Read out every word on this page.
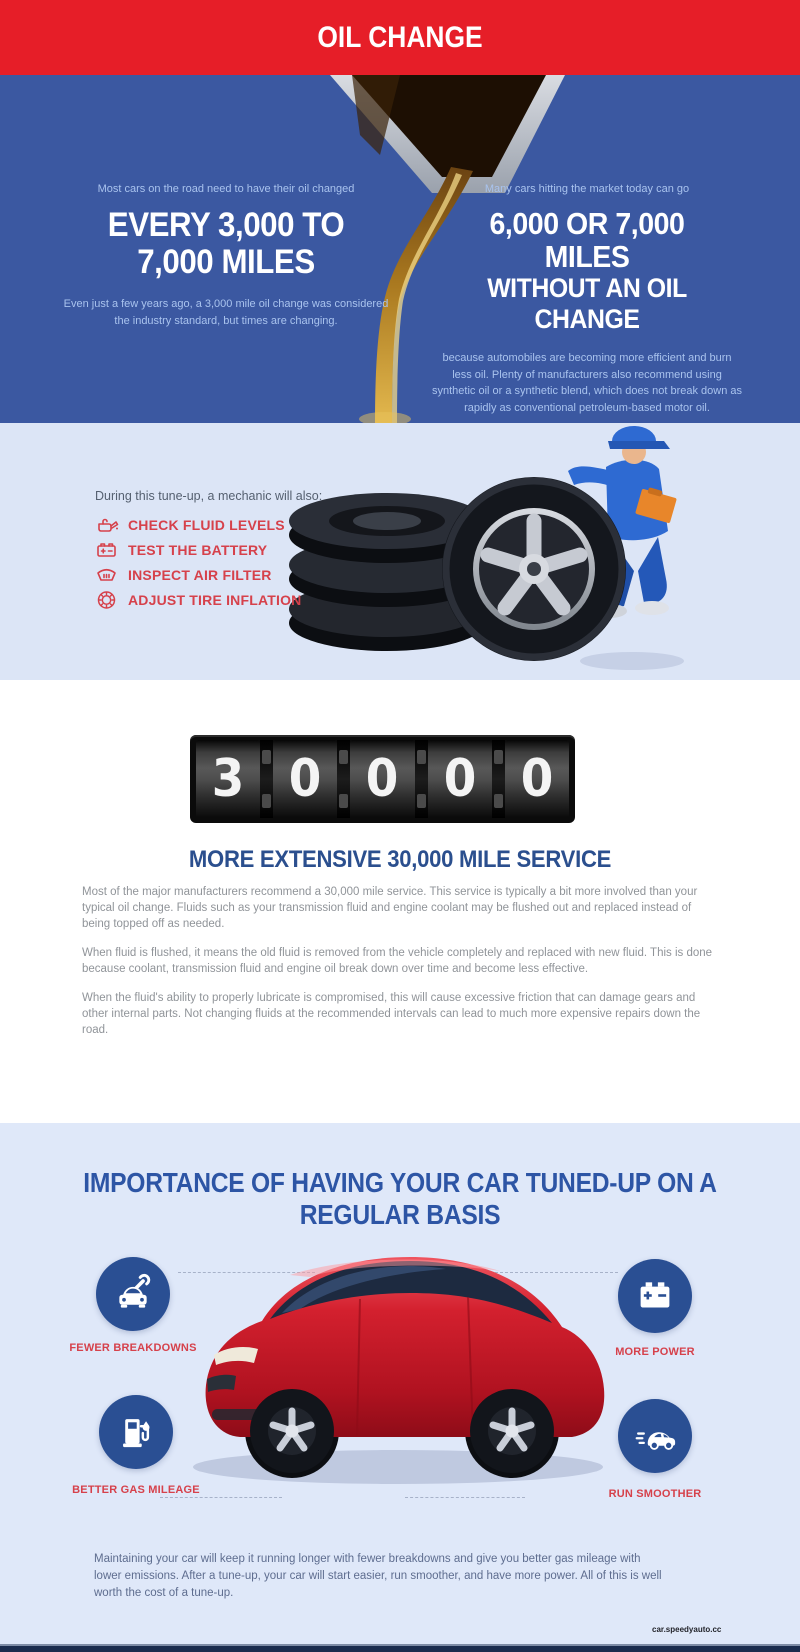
Most cars on the road need to have their oil changed
EVERY 3,000 TO
7,000 MILES
Even just a few years ago, a 3,000 mile oil change was considered the industry standard, but times are changing.
Many cars hitting the market today can go
6,000 OR 7,000 MILES
WITHOUT AN OIL CHANGE
because automobiles are becoming more efficient and burn less oil. Plenty of manufacturers also recommend using synthetic oil or a synthetic blend, which does not break down as rapidly as conventional petroleum-based motor oil.
OIL CHANGE
During this tune-up, a mechanic will also:
CHECK FLUID LEVELS
TEST THE BATTERY
INSPECT AIR FILTER
ADJUST TIRE INFLATION
3 0 0 0 0
MORE EXTENSIVE 30,000 MILE SERVICE

Most of the major manufacturers recommend a 30,000 mile service. This service is typically a bit more involved than your typical oil change. Fluids such as your transmission fluid and engine coolant may be flushed out and replaced instead of being topped off as needed.

When fluid is flushed, it means the old fluid is removed from the vehicle completely and replaced with new fluid. This is done because coolant, transmission fluid and engine oil break down over time and become less effective.

When the fluid's ability to properly lubricate is compromised, this will cause excessive friction that can damage gears and other internal parts. Not changing fluids at the recommended intervals can lead to much more expensive repairs down the road.

IMPORTANCE OF HAVING YOUR CAR TUNED-UP ON A REGULAR BASIS
FEWER BREAKDOWNS	MORE POWER
BETTER GAS MILEAGE	RUN SMOOTHER
Maintaining your car will keep it running longer with fewer breakdowns and give you better gas mileage with lower emissions. After a tune-up, your car will start easier, run smoother, and have more power. All of this is well worth the cost of a tune-up.
car.speedyauto.cc
